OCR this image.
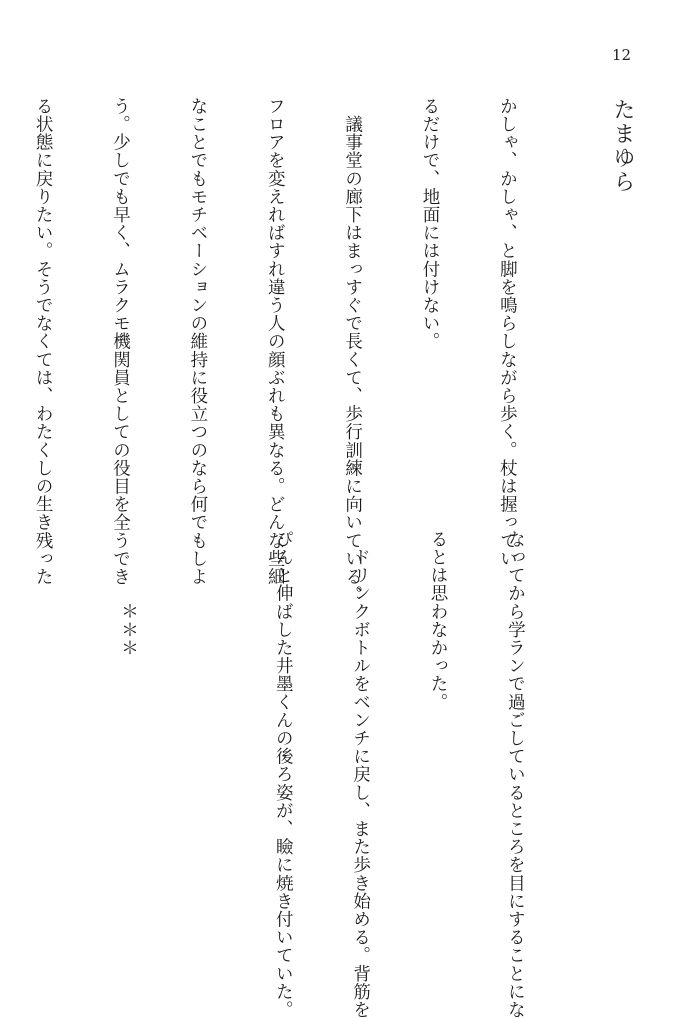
12
たまゆら

かしゃ、かしゃ、と脚を鳴らしながら歩く。杖は握ってい

るだけで、地面には付けない。

　議事堂の廊下はまっすぐで長くて、歩行訓練に向いている。

フロアを変えればすれ違う人の顔ぶれも異なる。どんな些細

なことでもモチベーションの維持に役立つのなら何でもしよ

う。少しでも早く、ムラクモ機関員としての役目を全うでき

る状態に戻りたい。そうでなくては、わたくしの生き残った

なってから学ランで過ごしているところを目にすることにな

るとは思わなかった。

　ドリンクボトルをベンチに戻し、また歩き始める。背筋を

ぴんと伸ばした井墨くんの後ろ姿が、瞼に焼き付いていた。

　　　　＊＊＊
